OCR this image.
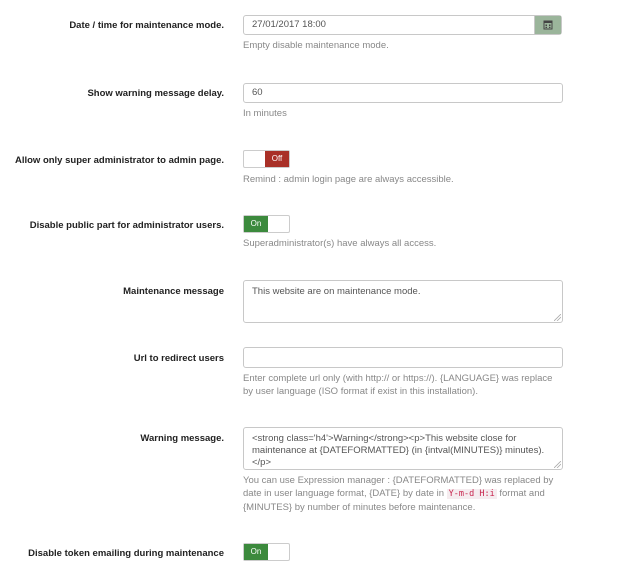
Date / time for maintenance mode.	27/01/2017 18:00
Empty disable maintenance mode.
Show warning message delay.	60
In minutes
Allow only super administrator to admin page.	Off
Remind : admin login page are always accessible.
Disable public part for administrator users.	On
Superadministrator(s) have always all access.
Maintenance message	This website are on maintenance mode.
Url to redirect users
Enter complete url only (with http:// or https://). {LANGUAGE} was replace by user language (ISO format if exist in this installation).
Warning message.	<strong class='h4'>Warning</strong><p>This website close for maintenance at {DATEFORMATTED} (in {intval(MINUTES)} minutes).</p>
You can use Expression manager : {DATEFORMATTED} was replaced by date in user language format, {DATE} by date in Y-m-d H:i format and {MINUTES} by number of minutes before maintenance.
Disable token emailing during maintenance	On
